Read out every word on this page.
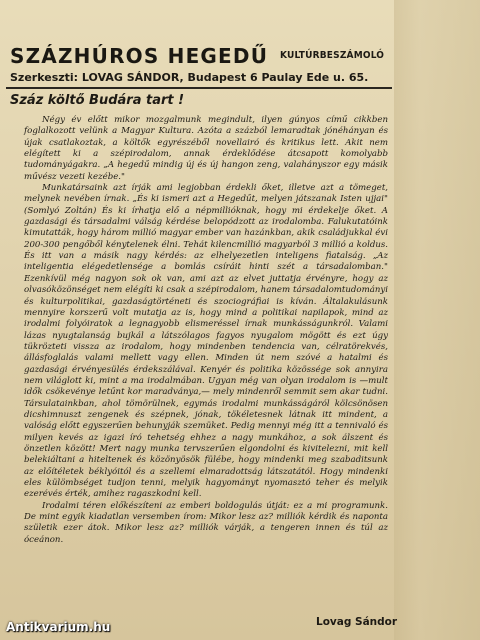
SZÁZHÚROS HEGEDŰ	KULTÚRBESZÁMOLÓ
Szerkeszti: LOVAG SÁNDOR, Budapest 6 Paulay Ede u. 65.
Száz költő Budára tart !

Négy év előtt mikor mozgalmunk megindult, ilyen gúnyos című cikkben foglalkozott velünk a Magyar Kultura. Azóta a százból lemaradtak jónéhányan és újak csatlakoztak, a költők egyrészéből novellairó és kritikus lett. Akit nem elégített ki a szépirodalom, annak érdeklődése átcsapott komolyabb tudományágakra. „A hegedű mindig új és új hangon zeng, valahányszor egy másik művész vezeti kezébe."

Munkatársaink azt írják ami legjobban érdekli őket, illetve azt a tömeget, melynek nevében írnak. „És ki ismeri azt a Hegedűt, melyen játszanak Isten ujjai" (Somlyó Zoltán) És ki írhatja elő a népmillióknak, hogy mi érdekelje őket. A gazdasági és társadalmi válság kérdése belopódzott az irodalomba. Falukutatóink kimutatták, hogy három millió magyar ember van hazánkban, akik családjukkal évi 200-300 pengőből kénytelenek élni. Tehát kilencmillió magyarból 3 millió a koldus. És itt van a másik nagy kérdés: az elhelyezetlen inteligens fiatalság. „Az inteligentia elégedetlensége a bomlás csíráit hinti szét a társadalomban." Ezenkívül még nagyon sok ok van, ami azt az elvet juttatja érvényre, hogy az olvasóközönséget nem elégíti ki csak a szépirodalom, hanem társadalomtudományi és kulturpolitikai, gazdaságtörténeti és szociográfiai is kíván. Általakulásunk mennyire korszerű volt mutatja az is, hogy mind a politikai napilapok, mind az irodalmi folyóiratok a legnagyobb elismeréssel írnak munkásságunkról. Valami lázas nyugtalanság bujkál a látszólagos fagyos nyugalom mögött és ezt úgy tükrözteti vissza az irodalom, hogy mindenben tendencia van, célratörekvés, állásfoglalás valami mellett vagy ellen. Minden út nem szóvé a hatalmi és gazdasági érvényesülés érdekszálával. Kenyér és politika közössége sok annyira nem világlott ki, mint a ma irodalmában. Ugyan még van olyan irodalom is —mult idők csökevénye letűnt kor maradványa,— mely mindenről semmit sem akar tudni. Társulatainkban, ahol tömörülnek, egymás irodalmi munkásságáról kölcsönösen dicshimnuszt zengenek és szépnek, jónak, tökéletesnek látnak itt mindent, a valóság előtt egyszerűen behunyják szemüket. Pedig mennyi még itt a tennivaló és milyen kevés az igazi író tehetség ehhez a nagy munkához, a sok álszent és önzetlen között! Mert nagy munka tervszerűen elgondolni és kivitelezni, mit kell belekiáltani a hiteltenek és közönyösök fülébe, hogy mindenki meg szabaditsunk az előítéletek béklyóitól és a szellemi elmaradottság látszatától. Hogy mindenki eles külömbséget tudjon tenni, melyik hagyományt nyomasztó teher és melyik ezerévés érték, amihez ragaszkodni kell.

Irodalmi téren előkészíteni az emberi boldogulás útját: ez a mi programunk. De mint egyik kiadatlan versemben írom: Mikor lesz az? milliók kérdik és naponta születik ezer átok. Mikor lesz az? milliók várják, a tengeren innen és túl az óceánon.

Lovag Sándor
Antikvarium.hu
